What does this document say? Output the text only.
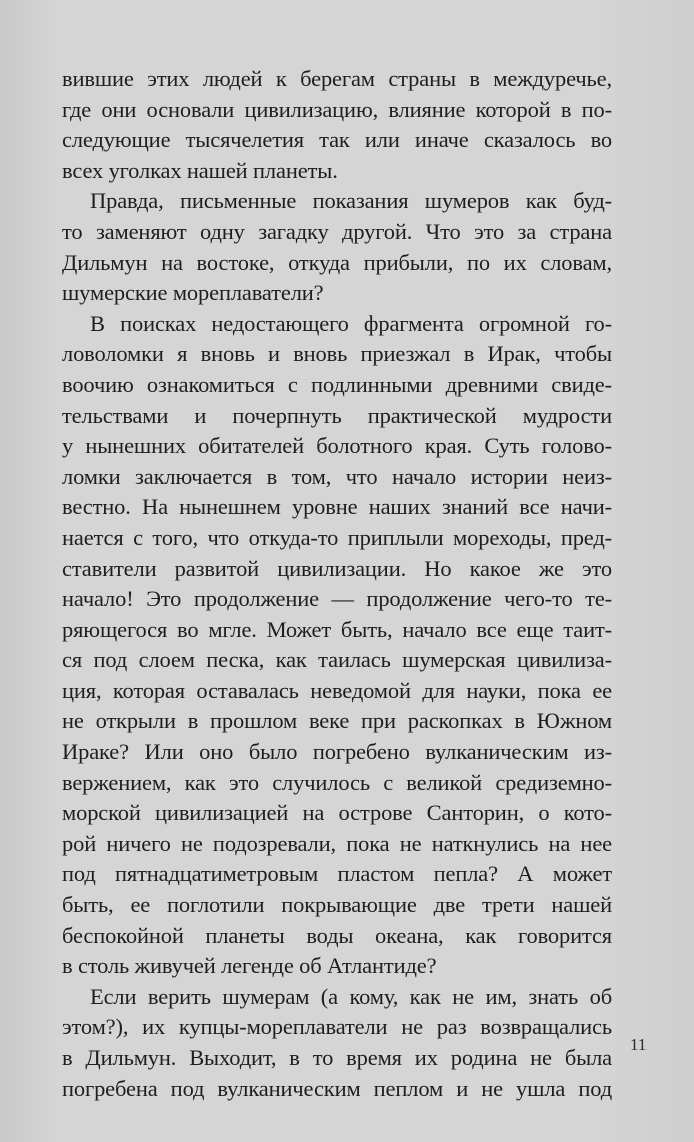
вившие этих людей к берегам страны в междуречье,
где они основали цивилизацию, влияние которой в по-
следующие тысячелетия так или иначе сказалось во
всех уголках нашей планеты.
Правда, письменные показания шумеров как буд-
то заменяют одну загадку другой. Что это за страна
Дильмун на востоке, откуда прибыли, по их словам,
шумерские мореплаватели?
В поисках недостающего фрагмента огромной го-
ловоломки я вновь и вновь приезжал в Ирак, чтобы
воочию ознакомиться с подлинными древними свиде-
тельствами и почерпнуть практической мудрости
у нынешних обитателей болотного края. Суть голово-
ломки заключается в том, что начало истории неиз-
вестно. На нынешнем уровне наших знаний все начи-
нается с того, что откуда-то приплыли мореходы, пред-
ставители развитой цивилизации. Но какое же это
начало! Это продолжение — продолжение чего-то те-
ряющегося во мгле. Может быть, начало все еще таит-
ся под слоем песка, как таилась шумерская цивилиза-
ция, которая оставалась неведомой для науки, пока ее
не открыли в прошлом веке при раскопках в Южном
Ираке? Или оно было погребено вулканическим из-
вержением, как это случилось с великой средиземно-
морской цивилизацией на острове Санторин, о кото-
рой ничего не подозревали, пока не наткнулись на нее
под пятнадцатиметровым пластом пепла? А может
быть, ее поглотили покрывающие две трети нашей
беспокойной планеты воды океана, как говорится
в столь живучей легенде об Атлантиде?
Если верить шумерам (а кому, как не им, знать об
этом?), их купцы-мореплаватели не раз возвращались
в Дильмун. Выходит, в то время их родина не была
погребена под вулканическим пеплом и не ушла под
11
